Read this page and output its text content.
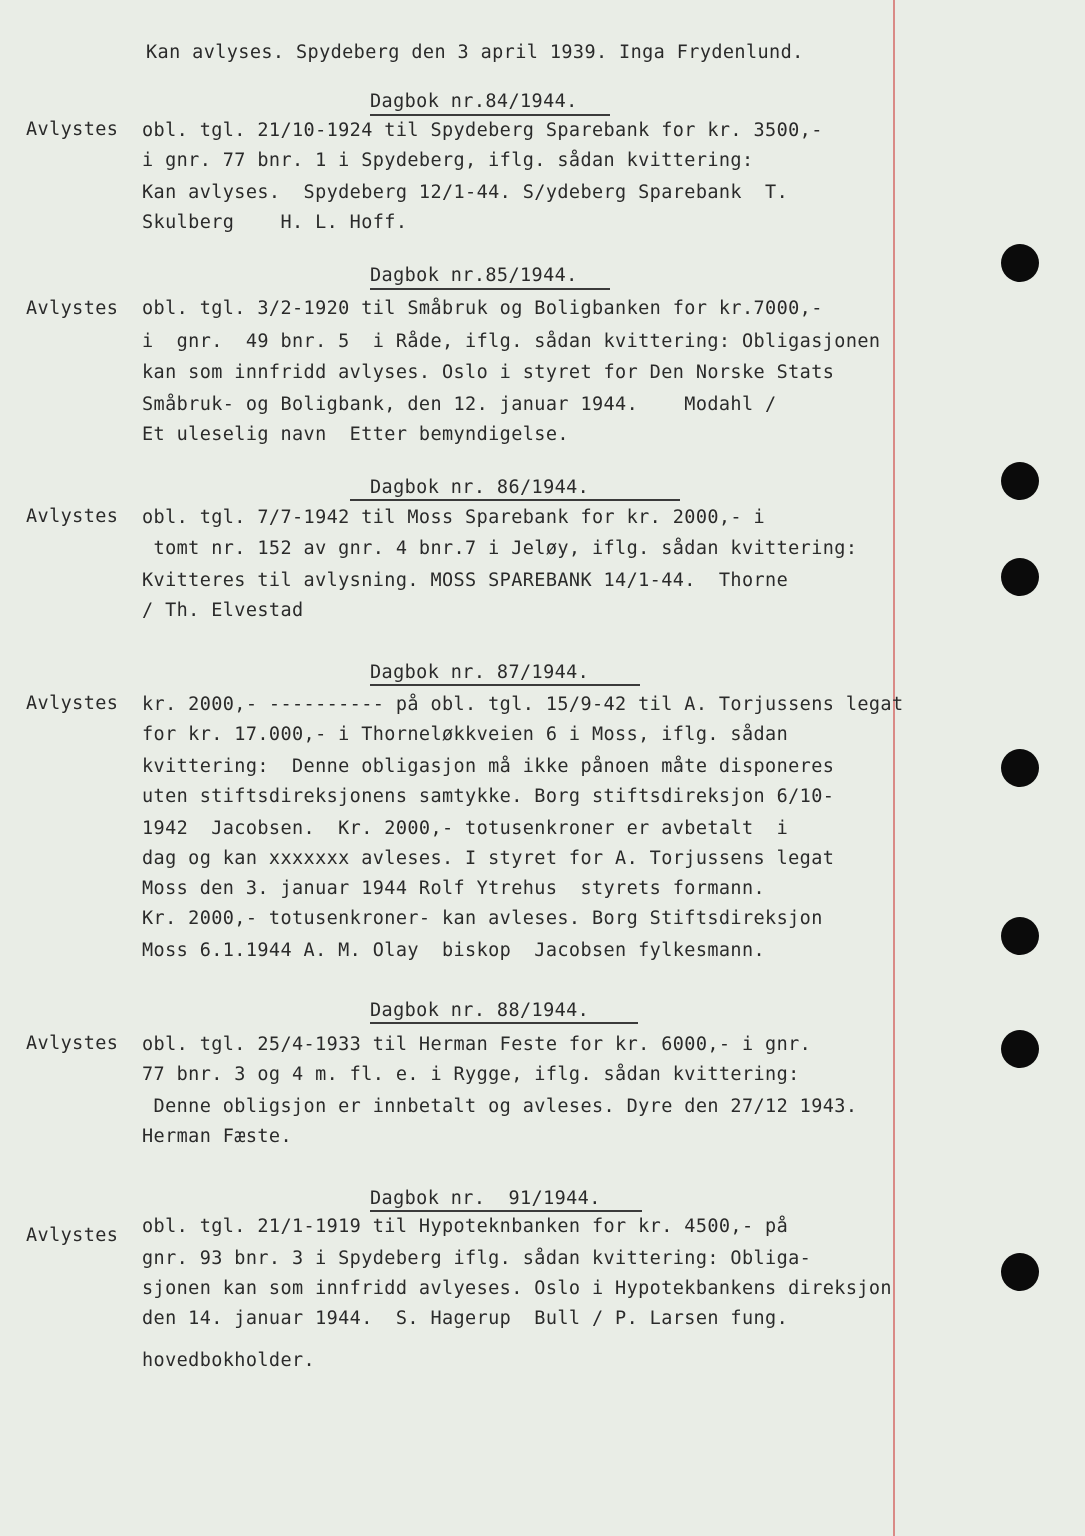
Kan avlyses. Spydeberg den 3 april 1939. Inga Frydenlund.
Dagbok nr.84/1944.
Avlystes obl. tgl. 21/10-1924 til Spydeberg Sparebank for kr. 3500,-
i gnr. 77 bnr. 1 i Spydeberg, iflg. sådan kvittering:
Kan avlyses.  Spydeberg 12/1-44. S/ydeberg Sparebank  T.
Skulberg    H. L. Hoff.
Dagbok nr.85/1944.
Avlystes obl. tgl. 3/2-1920 til Småbruk og Boligbanken for kr.7000,-
i  gnr.  49 bnr. 5  i Råde, iflg. sådan kvittering: Obligasjonen
kan som innfridd avlyses. Oslo i styret for Den Norske Stats
Småbruk- og Boligbank, den 12. januar 1944.    Modahl /
Et uleselig navn  Etter bemyndigelse.
Dagbok nr. 86/1944.
Avlystes obl. tgl. 7/7-1942 til Moss Sparebank for kr. 2000,- i
tomt nr. 152 av gnr. 4 bnr.7 i Jeløy, iflg. sådan kvittering:
Kvitteres til avlysning. MOSS SPAREBANK 14/1-44.  Thorne
/ Th. Elvestad
Dagbok nr. 87/1944.
Avlystes kr. 2000,- ---------- på obl. tgl. 15/9-42 til A. Torjussens legat
for kr. 17.000,- i Thorneløkkveien 6 i Moss, iflg. sådan
kvittering:  Denne obligasjon må ikke pånoen måte disponeres
uten stiftsdireksjonens samtykke. Borg stiftsdireksjon 6/10-
1942  Jacobsen.  Kr. 2000,- totusenkroner er avbetalt  i
dag og kan xxxxxxx avleses. I styret for A. Torjussens legat
Moss den 3. januar 1944 Rolf Ytrehus  styrets formann.
Kr. 2000,- totusenkroner- kan avleses. Borg Stiftsdireksjon
Moss 6.1.1944 A. M. Olay  biskop  Jacobsen fylkesmann.
Dagbok nr. 88/1944.
Avlystes obl. tgl. 25/4-1933 til Herman Feste for kr. 6000,- i gnr.
77 bnr. 3 og 4 m. fl. e. i Rygge, iflg. sådan kvittering:
Denne obligsjon er innbetalt og avleses. Dyre den 27/12 1943.
Herman Fæste.
Dagbok nr.  91/1944.
Avlystes obl. tgl. 21/1-1919 til Hypoteknbanken for kr. 4500,- på
gnr. 93 bnr. 3 i Spydeberg iflg. sådan kvittering: Obliga-
sjonen kan som innfridd avlyeses. Oslo i Hypotekbankens direksjon
den 14. januar 1944.  S. Hagerup  Bull / P. Larsen fung.
hovedbokholder.
